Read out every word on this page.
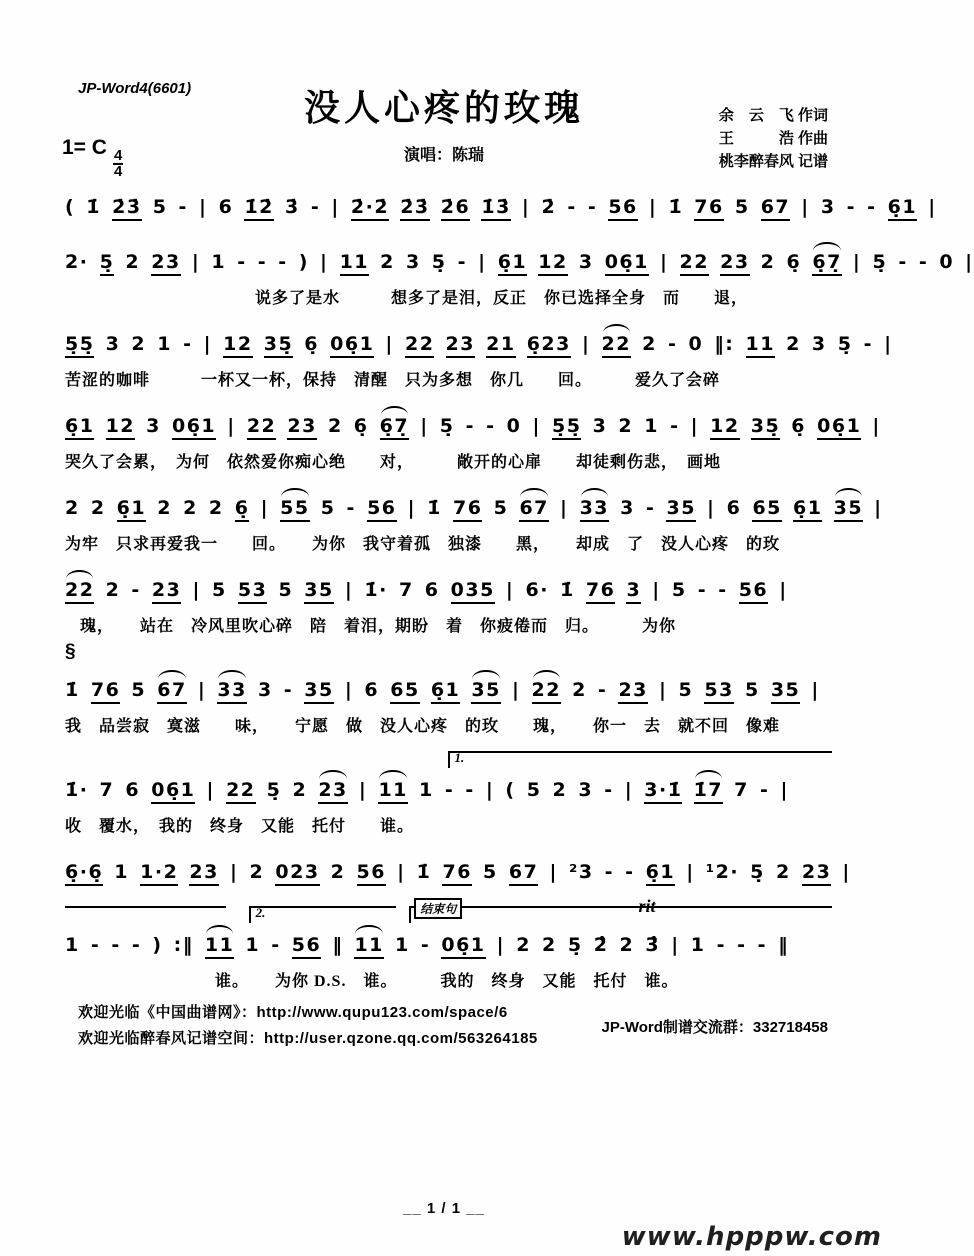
JP-Word4(6601)	没人心疼的玫瑰	余　云　飞 作词
王　　　浩 作曲
桃李醉春风 记谱
1= C
$\frac{4}{4}$	演唱：陈瑞
( 1̇ 2̇3̇ 5 - | 6 1̇2̇ 3̇ - | 2̇·2̇ 2̇3̇ 2̇6 1̇3̇ | 2̇ - - 56 | 1̇ 76 5 67 | 3 - - 6̣1 |
2· 5̣ 2 23 | 1 - - - ) | 11 2 3 5̣ - | 6̣1 12 3 06̣1 | 22 23 2 6̣ 6̣7̣ | 5̣ - - 0 |
说多了是水　　　想多了是泪，反正　你已选择全身　而　　退，
5̣5̣ 3 2 1 - | 12 35̣ 6̣ 06̣1 | 22 23 21 6̣23 | 22 2 - 0 ‖: 11 2 3 5̣ - |
苦涩的咖啡　　　一杯又一杯，保持　清醒　只为多想　你几　　回。　　　爱久了会碎
6̣1 12 3 06̣1 | 22 23 2 6̣ 6̣7̣ | 5̣ - - 0 | 5̣5̣ 3 2 1 - | 12 35̣ 6̣ 06̣1 |
哭久了会累，　为何　依然爱你痴心绝　　对，　　　敞开的心扉　　却徒剩伤悲，　画地
2 2 6̣1 2 2 2 6̣ | 55 5 - 56 | 1̇ 76 5 67 | 33 3 - 35 | 6 65 6̣1 35 |
为牢　只求再爱我一　　回。　　为你　我守着孤　独漆　　黑，　　却成　了　没人心疼　的玫
22 2 - 23 | 5 53 5 35 | 1̇· 7 6 035 | 6· 1̇ 76 3 | 5 - - 56 |
瑰，　　站在　冷风里吹心碎　陪　着泪，期盼　着　你疲倦而　归。　　　为你
§
1̇ 76 5 67 | 33 3 - 35 | 6 65 6̣1 35 | 22 2 - 23 | 5 53 5 35 |
我　品尝寂　寞滋　　味，　　宁愿　做　没人心疼　的玫　　瑰，　　你一　去　就不回　像难
$^{1.}$
1̇· 7 6 06̣1 | 22 5̣ 2 23 | 11 1 - - | ( 5 2 3 - | 3·1̇ 1̇7 7 - |
收　覆水，　我的　终身　又能　托付　　谁。
6̣·6̣ 1 1·2 23 | 2 023 2 56 | 1̇ 76 5 67 | ²3 - - 6̣1 | ¹2· 5̣ 2 23 |
$^{2.}$	结束句	rit
1 - - - ) :‖ 11 1 - 56 ‖ 11 1 - 06̣1 | 2 2 5̣ 2̂ 2 3̂ | 1 - - - ‖
谁。　　为你 D.S.　谁。　　　我的　终身　又能　托付　谁。
欢迎光临《中国曲谱网》：http://www.qupu123.com/space/6
欢迎光临醉春风记谱空间：http://user.qzone.qq.com/563264185
JP-Word制谱交流群：332718458
__ 1 / 1 __
www.hpppw.com
